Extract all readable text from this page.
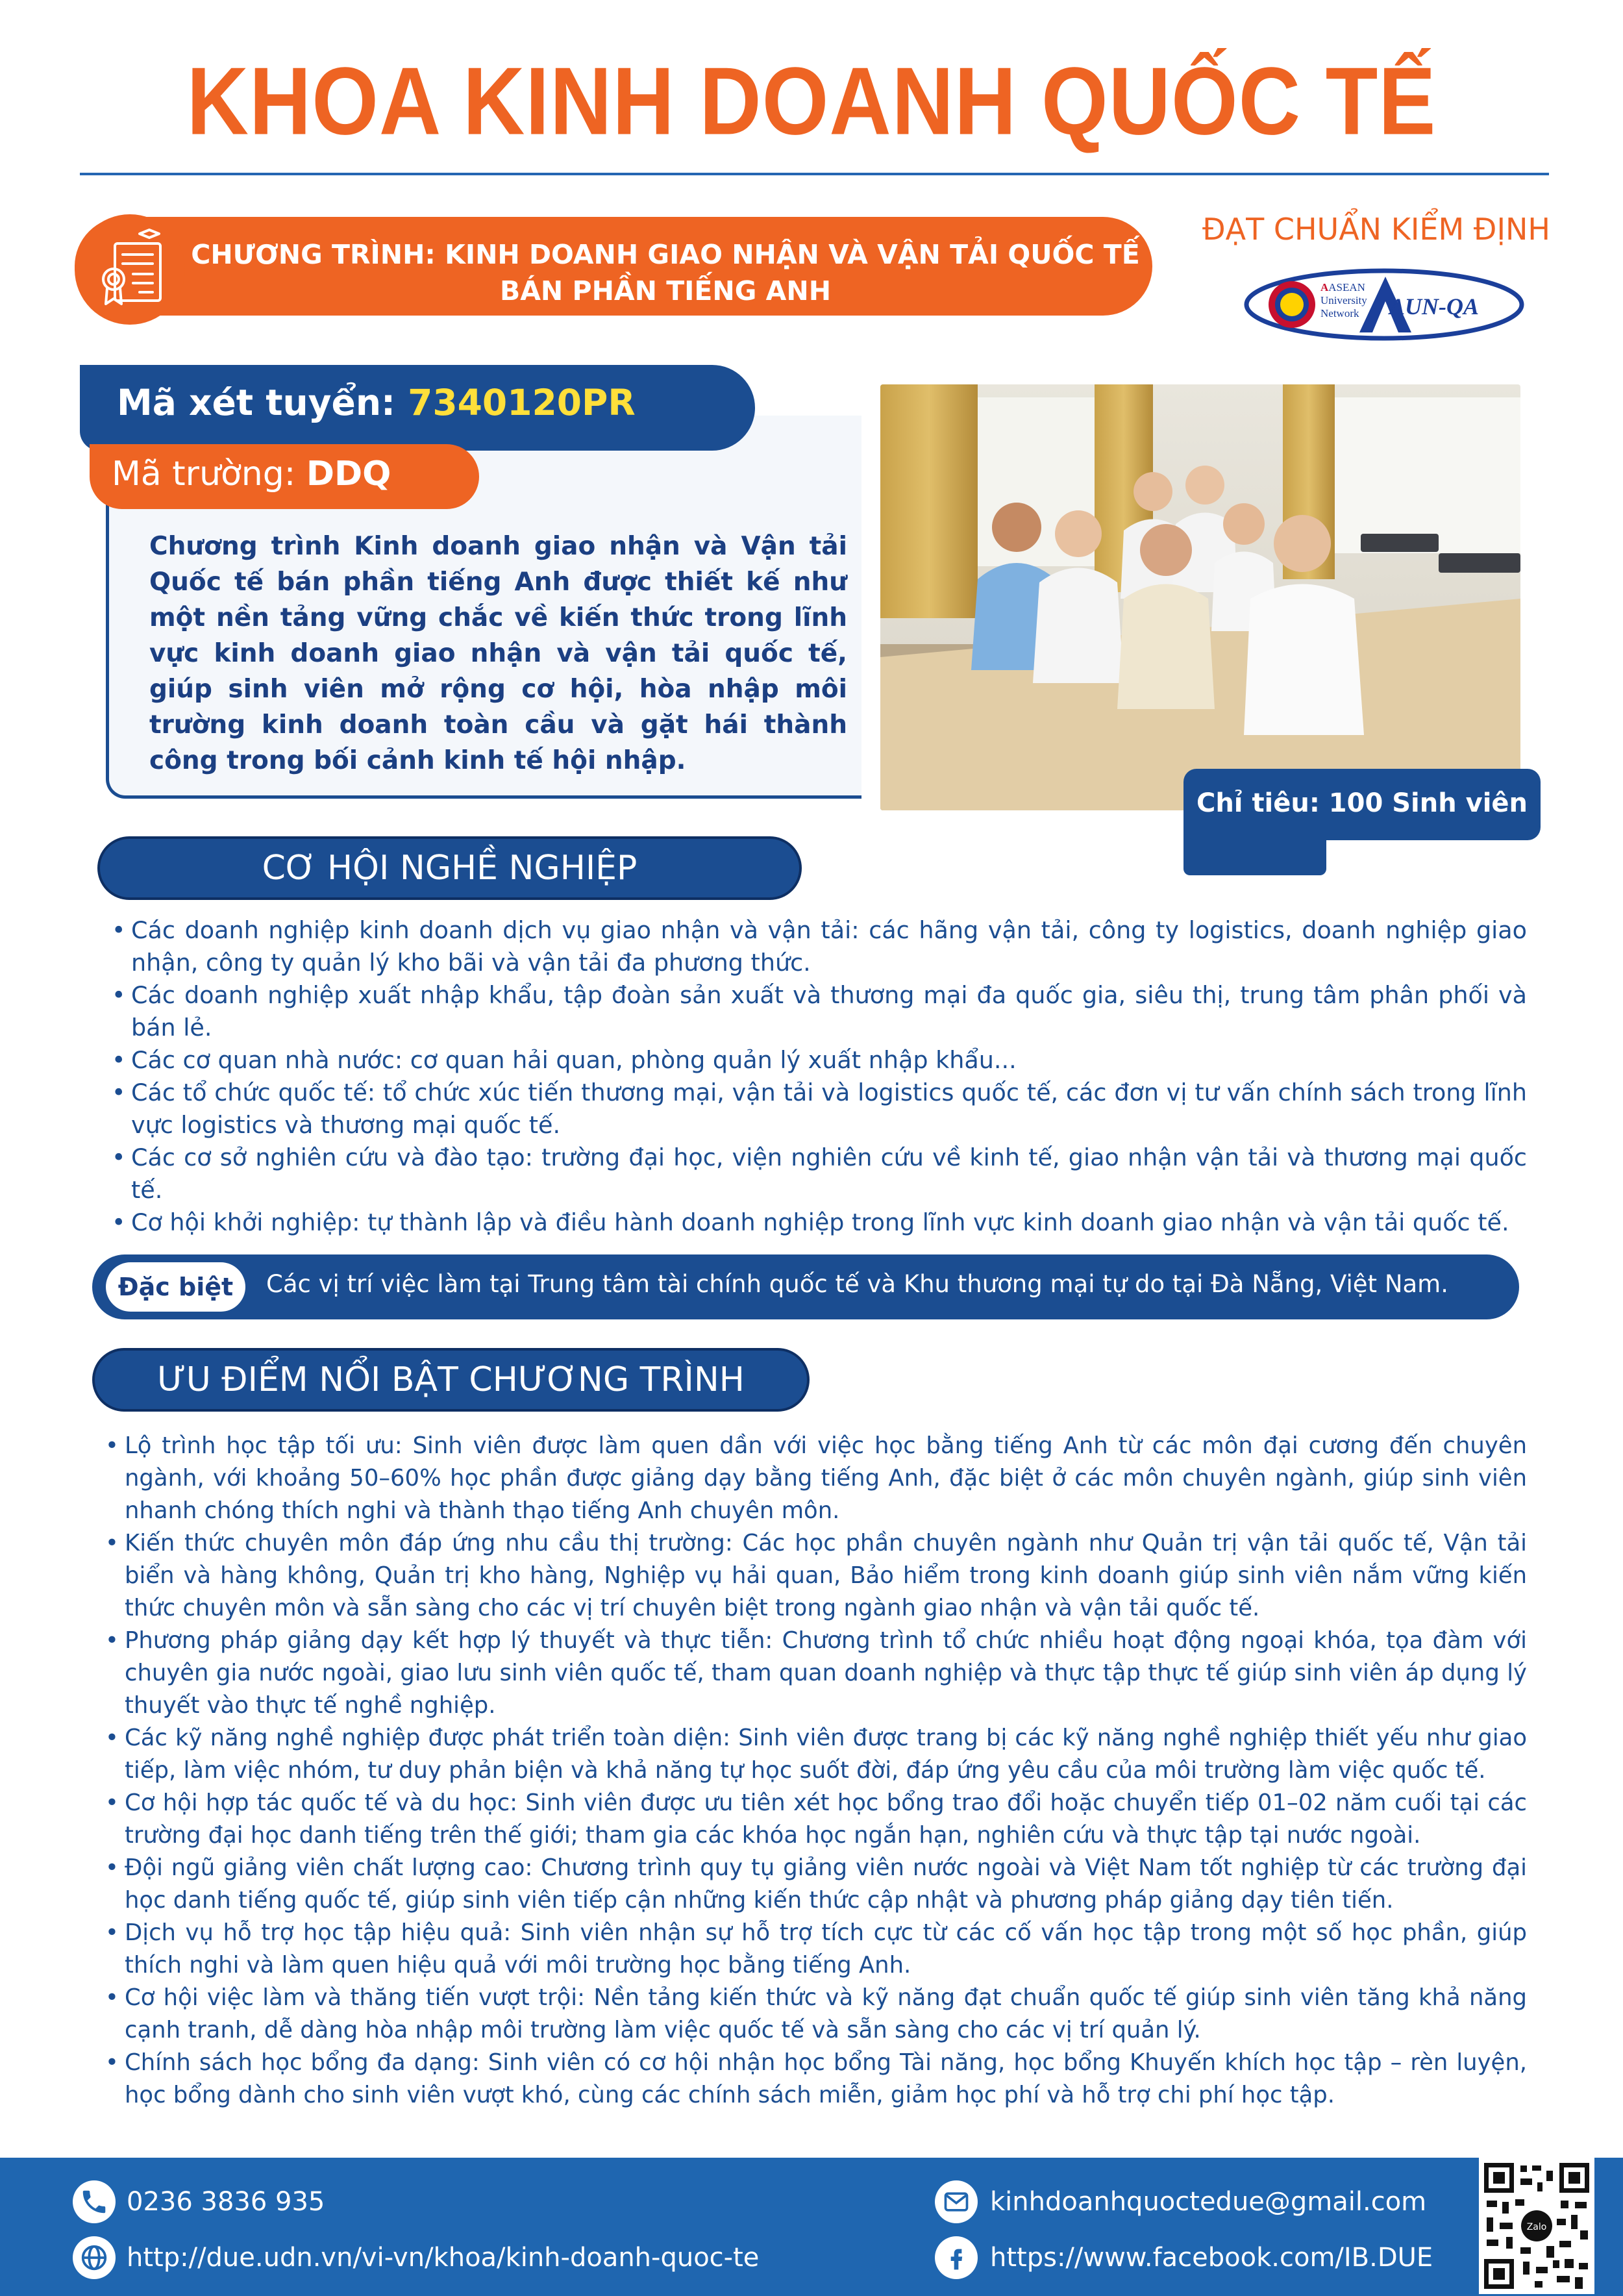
KHOA KINH DOANH QUỐC TẾ
CHƯƠNG TRÌNH: KINH DOANH GIAO NHẬN VÀ VẬN TẢI QUỐC TẾ
BÁN PHẦN TIẾNG ANH
ĐẠT CHUẨN KIỂM ĐỊNH
AASEAN
University
Network AUN-QA
Mã xét tuyển: 7340120PR
Mã trường: DDQ
Chương trình Kinh doanh giao nhận và Vận tải Quốc tế bán phần tiếng Anh được thiết kế như một nền tảng vững chắc về kiến thức trong lĩnh vực kinh doanh giao nhận và vận tải quốc tế, giúp sinh viên mở rộng cơ hội, hòa nhập môi trường kinh doanh toàn cầu và gặt hái thành công trong bối cảnh kinh tế hội nhập.
Chỉ tiêu: 100 Sinh viên
CƠ HỘI NGHỀ NGHIỆP
• Các doanh nghiệp kinh doanh dịch vụ giao nhận và vận tải: các hãng vận tải, công ty logistics, doanh nghiệp giao nhận, công ty quản lý kho bãi và vận tải đa phương thức.
• Các doanh nghiệp xuất nhập khẩu, tập đoàn sản xuất và thương mại đa quốc gia, siêu thị, trung tâm phân phối và bán lẻ.
• Các cơ quan nhà nước: cơ quan hải quan, phòng quản lý xuất nhập khẩu...
• Các tổ chức quốc tế: tổ chức xúc tiến thương mại, vận tải và logistics quốc tế, các đơn vị tư vấn chính sách trong lĩnh vực logistics và thương mại quốc tế.
• Các cơ sở nghiên cứu và đào tạo: trường đại học, viện nghiên cứu về kinh tế, giao nhận vận tải và thương mại quốc tế.
• Cơ hội khởi nghiệp: tự thành lập và điều hành doanh nghiệp trong lĩnh vực kinh doanh giao nhận và vận tải quốc tế.
Đặc biệt	Các vị trí việc làm tại Trung tâm tài chính quốc tế và Khu thương mại tự do tại Đà Nẵng, Việt Nam.
ƯU ĐIỂM NỔI BẬT CHƯƠNG TRÌNH
• Lộ trình học tập tối ưu: Sinh viên được làm quen dần với việc học bằng tiếng Anh từ các môn đại cương đến chuyên ngành, với khoảng 50–60% học phần được giảng dạy bằng tiếng Anh, đặc biệt ở các môn chuyên ngành, giúp sinh viên nhanh chóng thích nghi và thành thạo tiếng Anh chuyên môn.
• Kiến thức chuyên môn đáp ứng nhu cầu thị trường: Các học phần chuyên ngành như Quản trị vận tải quốc tế, Vận tải biển và hàng không, Quản trị kho hàng, Nghiệp vụ hải quan, Bảo hiểm trong kinh doanh giúp sinh viên nắm vững kiến thức chuyên môn và sẵn sàng cho các vị trí chuyên biệt trong ngành giao nhận và vận tải quốc tế.
• Phương pháp giảng dạy kết hợp lý thuyết và thực tiễn: Chương trình tổ chức nhiều hoạt động ngoại khóa, tọa đàm với chuyên gia nước ngoài, giao lưu sinh viên quốc tế, tham quan doanh nghiệp và thực tập thực tế giúp sinh viên áp dụng lý thuyết vào thực tế nghề nghiệp.
• Các kỹ năng nghề nghiệp được phát triển toàn diện: Sinh viên được trang bị các kỹ năng nghề nghiệp thiết yếu như giao tiếp, làm việc nhóm, tư duy phản biện và khả năng tự học suốt đời, đáp ứng yêu cầu của môi trường làm việc quốc tế.
• Cơ hội hợp tác quốc tế và du học: Sinh viên được ưu tiên xét học bổng trao đổi hoặc chuyển tiếp 01–02 năm cuối tại các trường đại học danh tiếng trên thế giới; tham gia các khóa học ngắn hạn, nghiên cứu và thực tập tại nước ngoài.
• Đội ngũ giảng viên chất lượng cao: Chương trình quy tụ giảng viên nước ngoài và Việt Nam tốt nghiệp từ các trường đại học danh tiếng quốc tế, giúp sinh viên tiếp cận những kiến thức cập nhật và phương pháp giảng dạy tiên tiến.
• Dịch vụ hỗ trợ học tập hiệu quả: Sinh viên nhận sự hỗ trợ tích cực từ các cố vấn học tập trong một số học phần, giúp thích nghi và làm quen hiệu quả với môi trường học bằng tiếng Anh.
• Cơ hội việc làm và thăng tiến vượt trội: Nền tảng kiến thức và kỹ năng đạt chuẩn quốc tế giúp sinh viên tăng khả năng cạnh tranh, dễ dàng hòa nhập môi trường làm việc quốc tế và sẵn sàng cho các vị trí quản lý.
• Chính sách học bổng đa dạng: Sinh viên có cơ hội nhận học bổng Tài năng, học bổng Khuyến khích học tập – rèn luyện, học bổng dành cho sinh viên vượt khó, cùng các chính sách miễn, giảm học phí và hỗ trợ chi phí học tập.
0236 3836 935
http://due.udn.vn/vi-vn/khoa/kinh-doanh-quoc-te
kinhdoanhquoctedue@gmail.com
https://www.facebook.com/IB.DUE
Zalo
